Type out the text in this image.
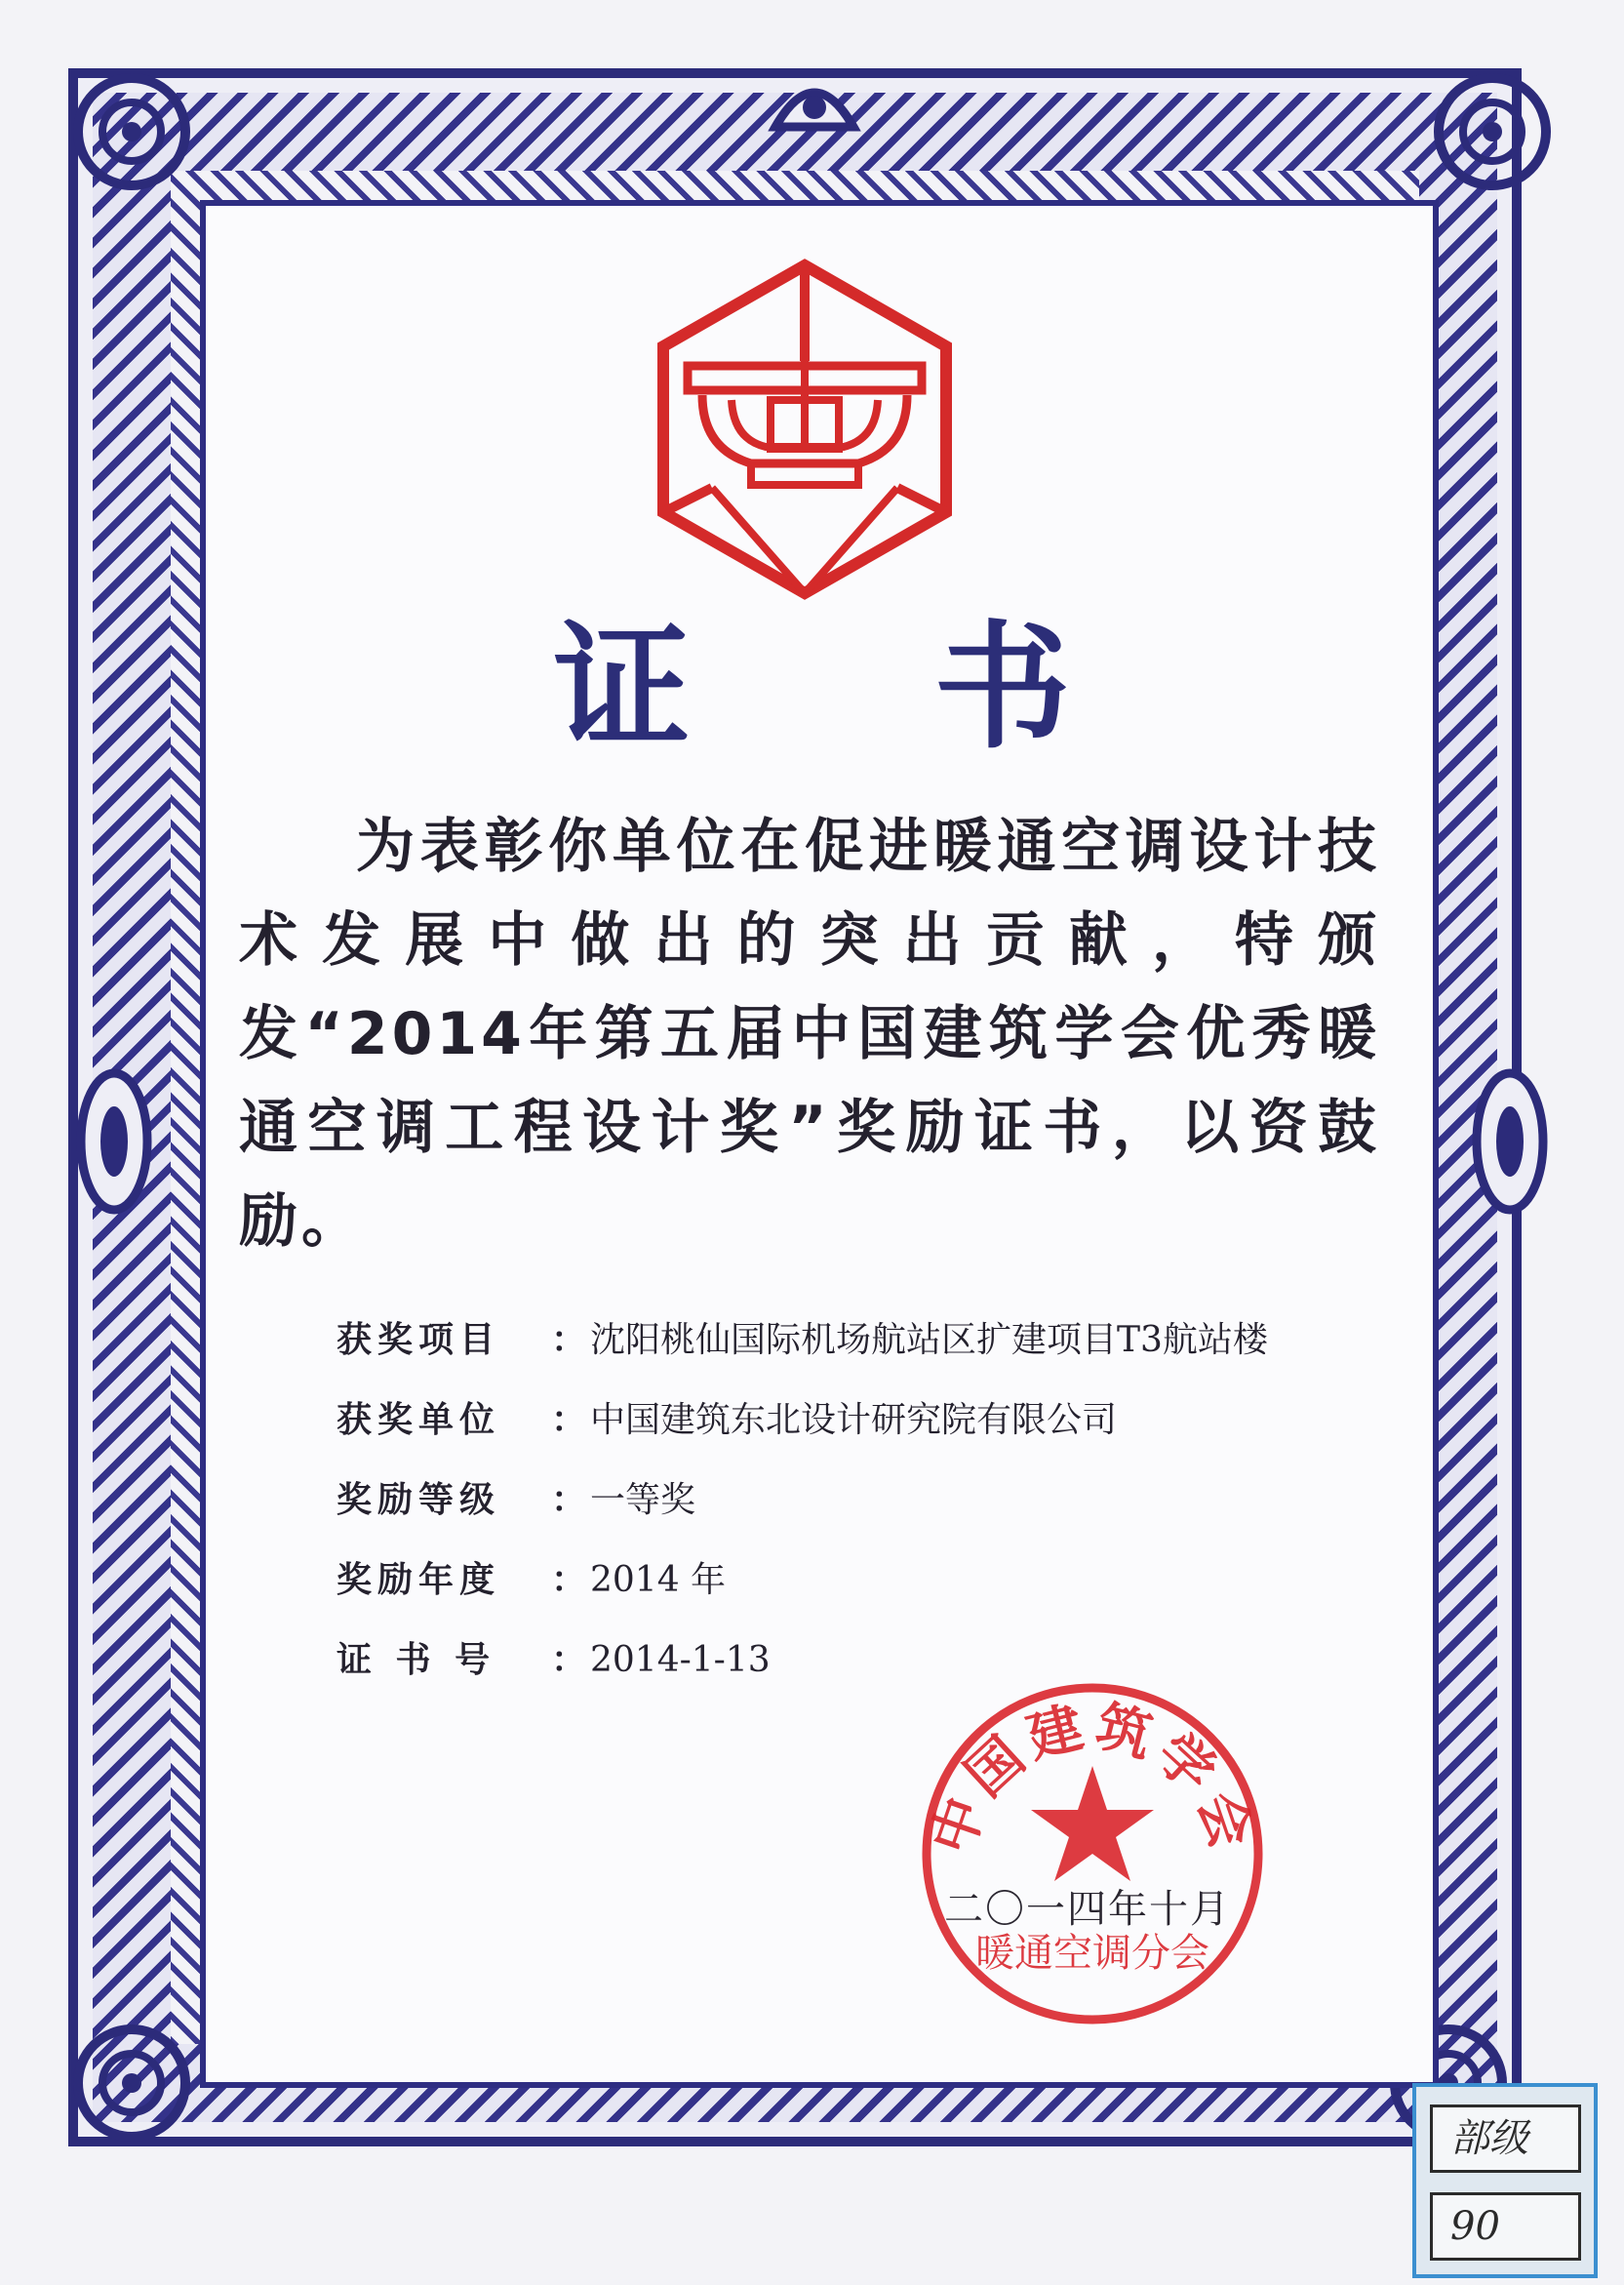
证 书
为表彰你单位在促进暖通空调设计技术发展中做出的突出贡献，特颁发“2014年第五届中国建筑学会优秀暖通空调工程设计奖”奖励证书，以资鼓励。
获奖项目	： 沈阳桃仙国际机场航站区扩建项目T3航站楼
获奖单位	： 中国建筑东北设计研究院有限公司
奖励等级	： 一等奖
奖励年度	： 2014 年
证 书 号	： 2014-1-13
中国建筑学会
暖通空调分会
二〇一四年十月
部级
90
